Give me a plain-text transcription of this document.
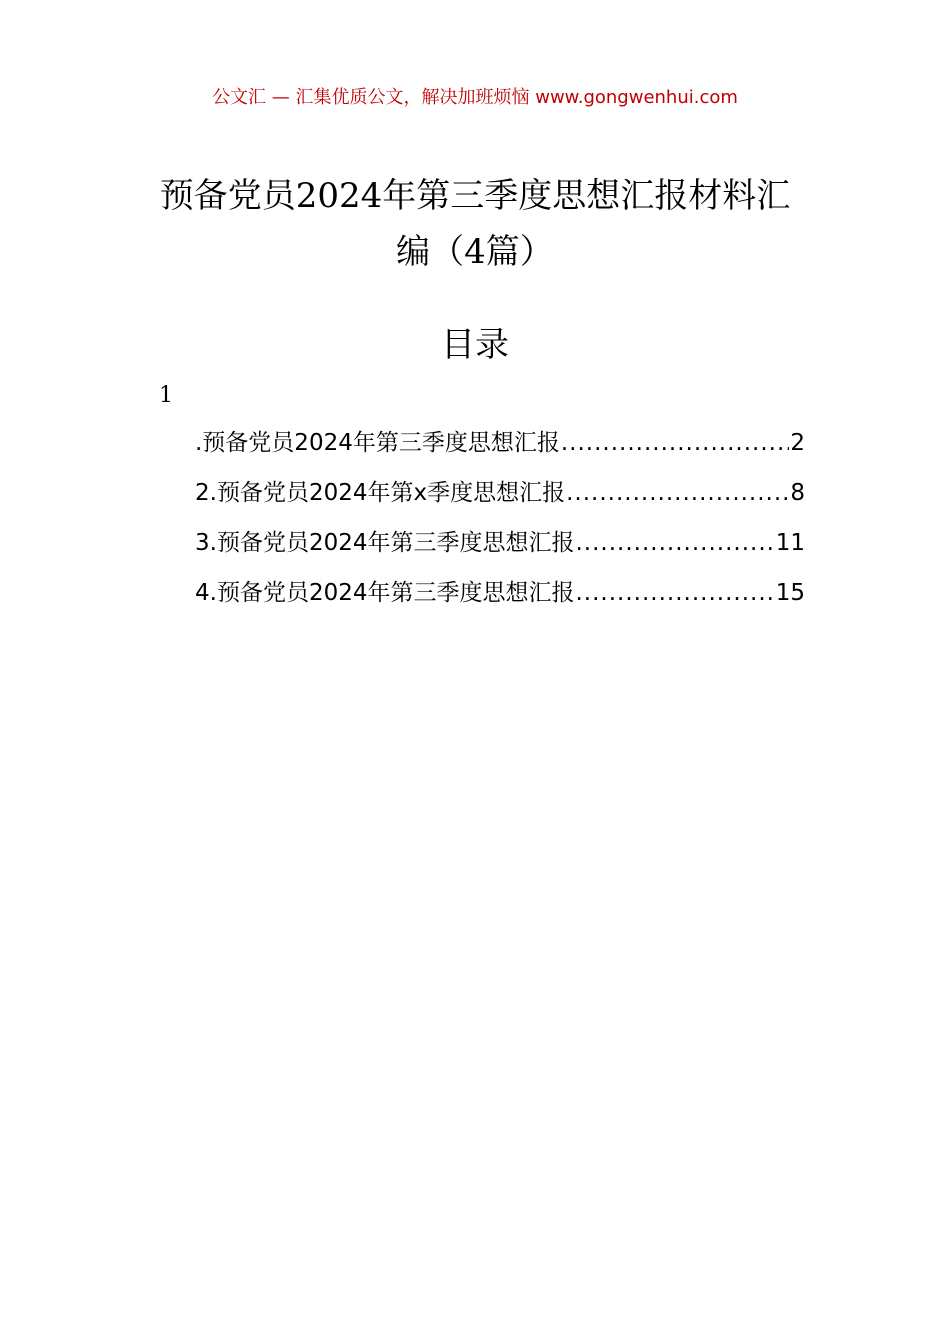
公文汇 — 汇集优质公文，解决加班烦恼 www.gongwenhui.com
预备党员2024年第三季度思想汇报材料汇
编（4篇）
目录
1
.预备党员2024年第三季度思想汇报 .....	2
2.预备党员2024年第x季度思想汇报 .....	8
3.预备党员2024年第三季度思想汇报 .....	11
4.预备党员2024年第三季度思想汇报 .....	15
